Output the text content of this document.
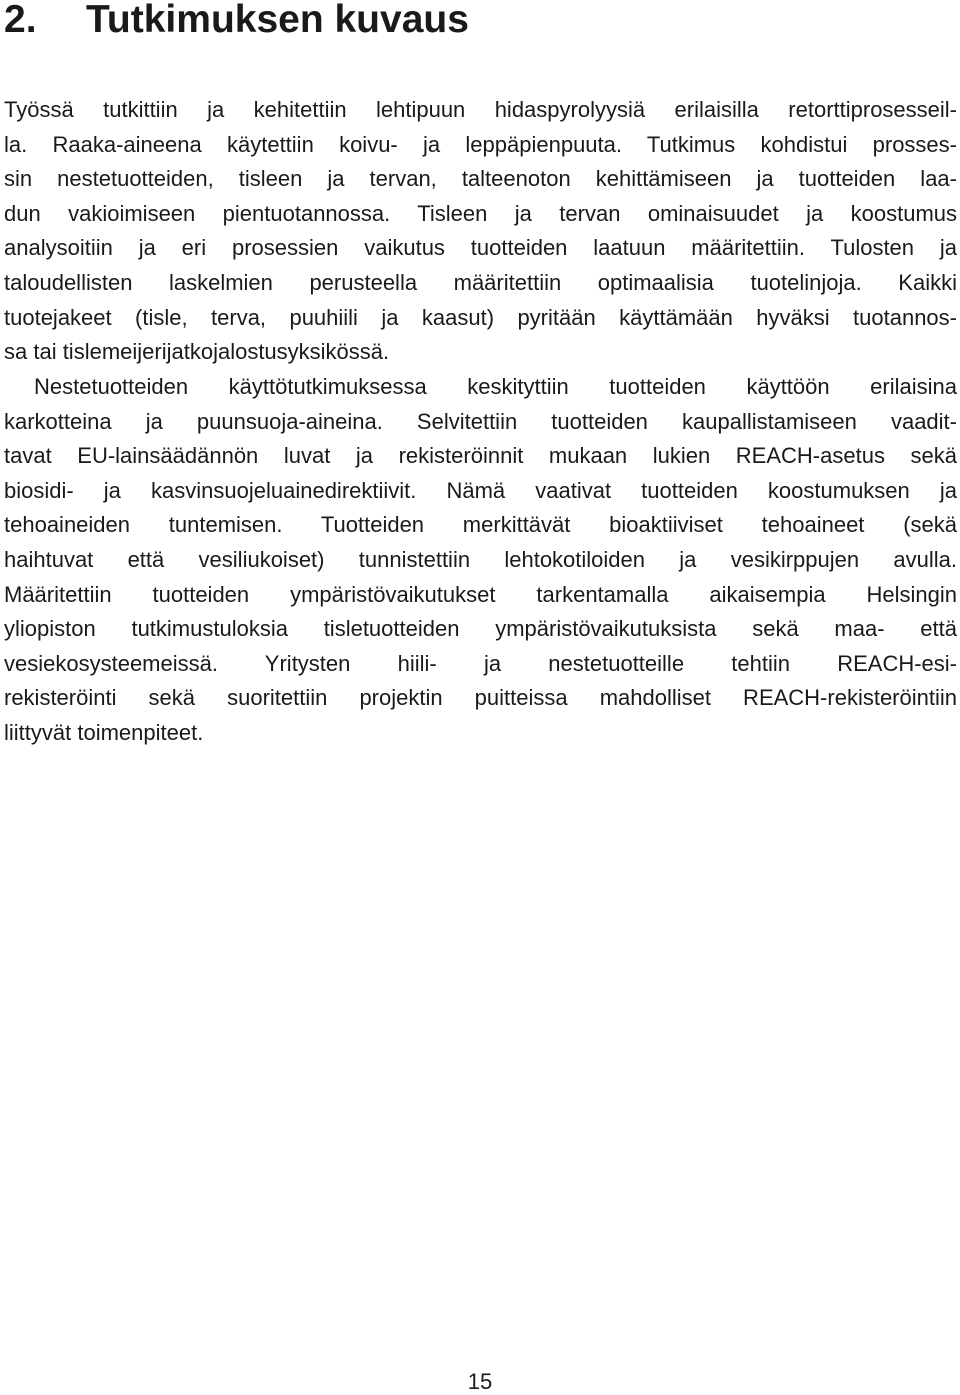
2. Tutkimuksen kuvaus

Työssä tutkittiin ja kehitettiin lehtipuun hidaspyrolyysiä erilaisilla retorttiprosesseil-
la. Raaka-aineena käytettiin koivu- ja leppäpienpuuta. Tutkimus kohdistui prosses-
sin nestetuotteiden, tisleen ja tervan, talteenoton kehittämiseen ja tuotteiden laa-
dun vakioimiseen pientuotannossa. Tisleen ja tervan ominaisuudet ja koostumus
analysoitiin ja eri prosessien vaikutus tuotteiden laatuun määritettiin. Tulosten ja
taloudellisten laskelmien perusteella määritettiin optimaalisia tuotelinjoja. Kaikki
tuotejakeet (tisle, terva, puuhiili ja kaasut) pyritään käyttämään hyväksi tuotannos-
sa tai tislemeijerijatkojalostusyksikössä.

Nestetuotteiden käyttötutkimuksessa keskityttiin tuotteiden käyttöön erilaisina
karkotteina ja puunsuoja-aineina. Selvitettiin tuotteiden kaupallistamiseen vaadit-
tavat EU-lainsäädännön luvat ja rekisteröinnit mukaan lukien REACH-asetus sekä
biosidi- ja kasvinsuojeluainedirektiivit. Nämä vaativat tuotteiden koostumuksen ja
tehoaineiden tuntemisen. Tuotteiden merkittävät bioaktiiviset tehoaineet (sekä
haihtuvat että vesiliukoiset) tunnistettiin lehtokotiloiden ja vesikirppujen avulla.
Määritettiin tuotteiden ympäristövaikutukset tarkentamalla aikaisempia Helsingin
yliopiston tutkimustuloksia tisletuotteiden ympäristövaikutuksista sekä maa- että
vesiekosysteemeissä. Yritysten hiili- ja nestetuotteille tehtiin REACH-esi-
rekisteröinti sekä suoritettiin projektin puitteissa mahdolliset REACH-rekisteröintiin
liittyvät toimenpiteet.

15
